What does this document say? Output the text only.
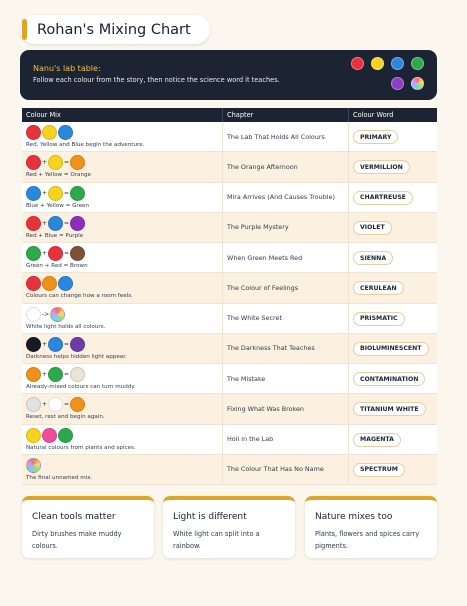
Rohan's Mixing Chart
Nanu's lab table:
Follow each colour from the story, then notice the science word it teaches.
Colour Mix	Chapter	Colour Word
Red, Yellow and Blue begin the adventure.
The Lab That Holds All Colours	PRIMARY
+	=
Red + Yellow = Orange
The Orange Afternoon	VERMILLION
+	=
Blue + Yellow = Green
Mira Arrives (And Causes Trouble)	CHARTREUSE
+	=
Red + Blue = Purple
The Purple Mystery	VIOLET
+	=
Green + Red = Brown
When Green Meets Red	SIENNA
Colours can change how a room feels.
The Colour of Feelings	CERULEAN
->
White light holds all colours.
The White Secret	PRISMATIC
+	=
Darkness helps hidden light appear.
The Darkness That Teaches	BIOLUMINESCENT
+	=
Already-mixed colours can turn muddy.
The Mistake	CONTAMINATION
+	=
Reset, rest and begin again.
Fixing What Was Broken	TITANIUM WHITE
Natural colours from plants and spices.
Holi in the Lab	MAGENTA
The final unnamed mix.
The Colour That Has No Name	SPECTRUM
Clean tools matter
Dirty brushes make muddy colours.
Light is different
White light can split into a rainbow.
Nature mixes too
Plants, flowers and spices carry pigments.
